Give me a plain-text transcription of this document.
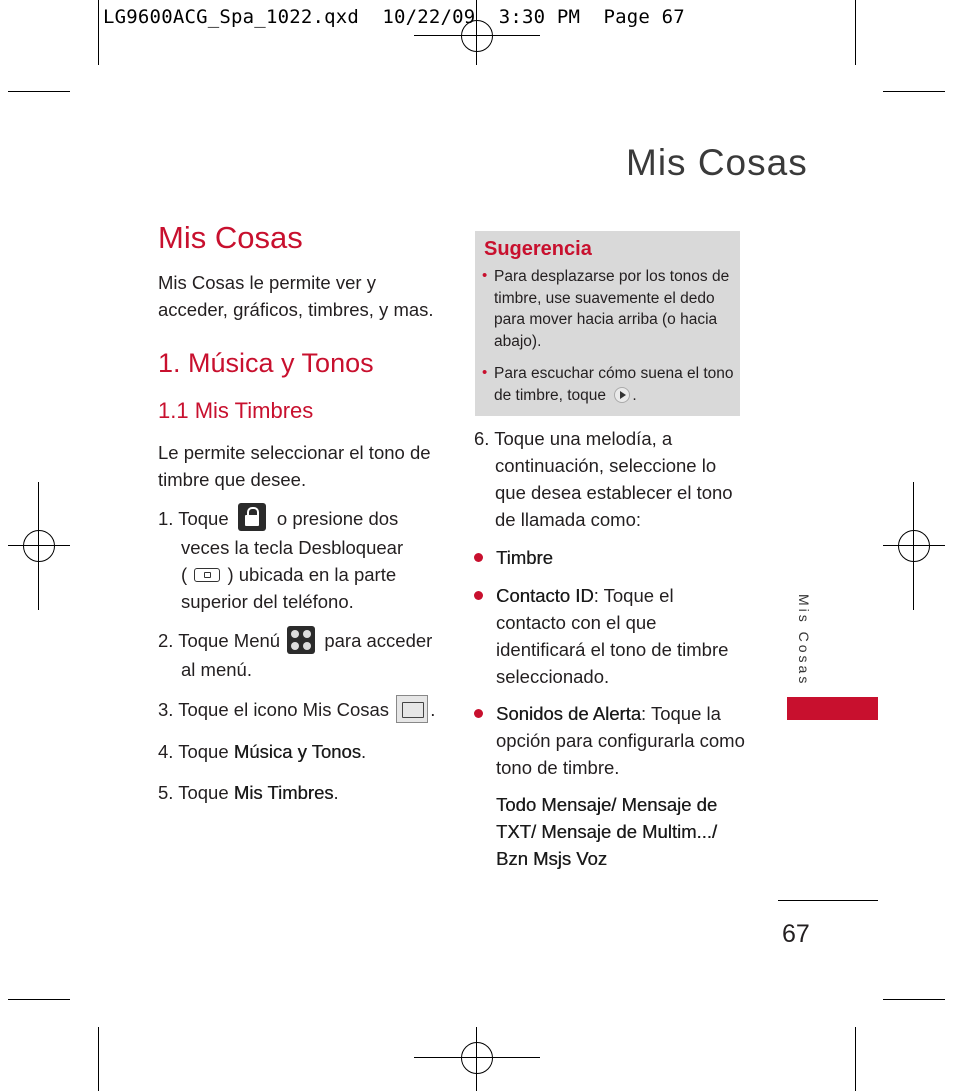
LG9600ACG_Spa_1022.qxd  10/22/09  3:30 PM  Page 67
Mis Cosas
Mis Cosas
Mis Cosas le permite ver y
acceder, gráficos, timbres, y mas.
1. Música y Tonos
1.1 Mis Timbres
Le permite seleccionar el tono de
timbre que desee.
1. Toque	o presione dos
veces la tecla Desbloquear
( ) ubicada en la parte
superior del teléfono.
2. Toque Menú para acceder
al menú.
3. Toque el icono Mis Cosas .
4. Toque Música y Tonos.
5. Toque Mis Timbres.
Sugerencia
• Para desplazarse por los tonos de
timbre, use suavemente el dedo
para mover hacia arriba (o hacia
abajo).
• Para escuchar cómo suena el tono
de timbre, toque .
6. Toque una melodía, a
continuación, seleccione lo
que desea establecer el tono
de llamada como:
Timbre
Contacto ID: Toque el
contacto con el que
identificará el tono de timbre
seleccionado.
Sonidos de Alerta: Toque la
opción para configurarla como
tono de timbre.
Todo Mensaje/ Mensaje de
TXT/ Mensaje de Multim.../
Bzn Msjs Voz
Mis Cosas
67
